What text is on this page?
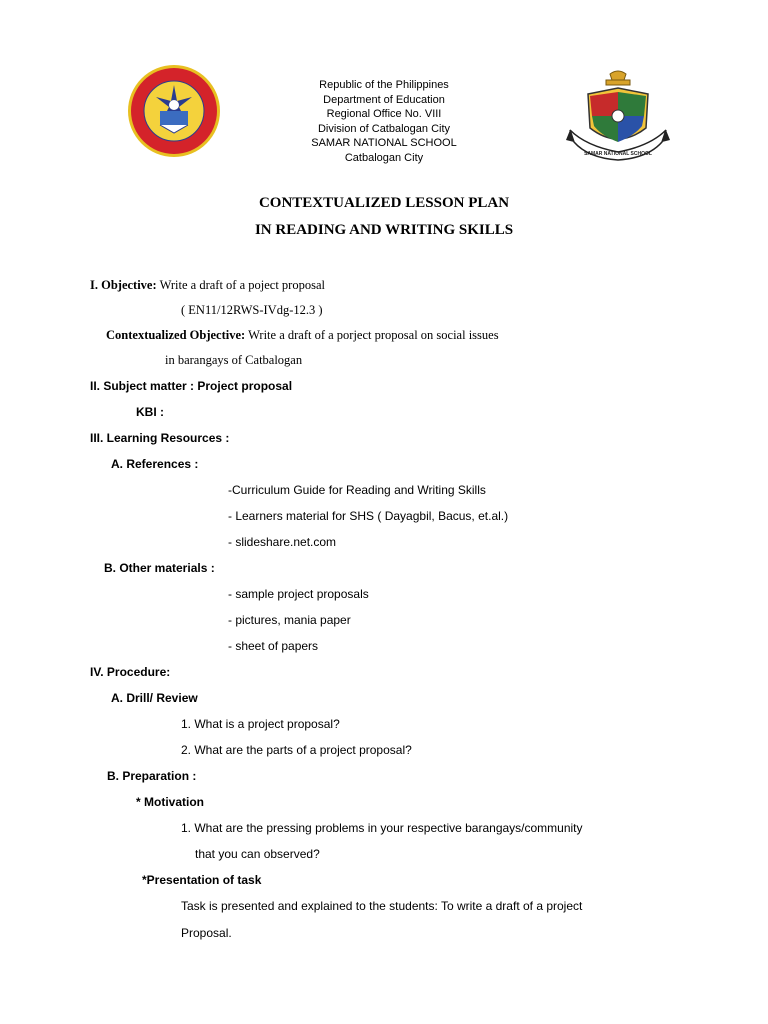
SAMAR NATIONAL SCHOOL
Republic of the Philippines
Department of Education
Regional Office No. VIII
Division of Catbalogan City
SAMAR NATIONAL SCHOOL
Catbalogan City
CONTEXTUALIZED LESSON PLAN
IN READING AND WRITING SKILLS
I. Objective: Write a draft of a poject proposal
( EN11/12RWS-IVdg-12.3 )
Contextualized Objective: Write a draft of a porject proposal on social issues
in barangays of Catbalogan
II. Subject matter : Project proposal
KBI :
III. Learning Resources :
A. References :
-Curriculum Guide for Reading and Writing Skills
- Learners material for SHS ( Dayagbil, Bacus, et.al.)
- slideshare.net.com
B. Other materials :
- sample project proposals
- pictures, mania paper
- sheet of papers
IV. Procedure:
A. Drill/ Review
1. What is a project proposal?
2. What are the parts of a project proposal?
B. Preparation :
* Motivation
1. What are the pressing problems in your respective barangays/community
that you can observed?
*Presentation of task
Task is presented and explained to the students: To write a draft of a project
Proposal.
